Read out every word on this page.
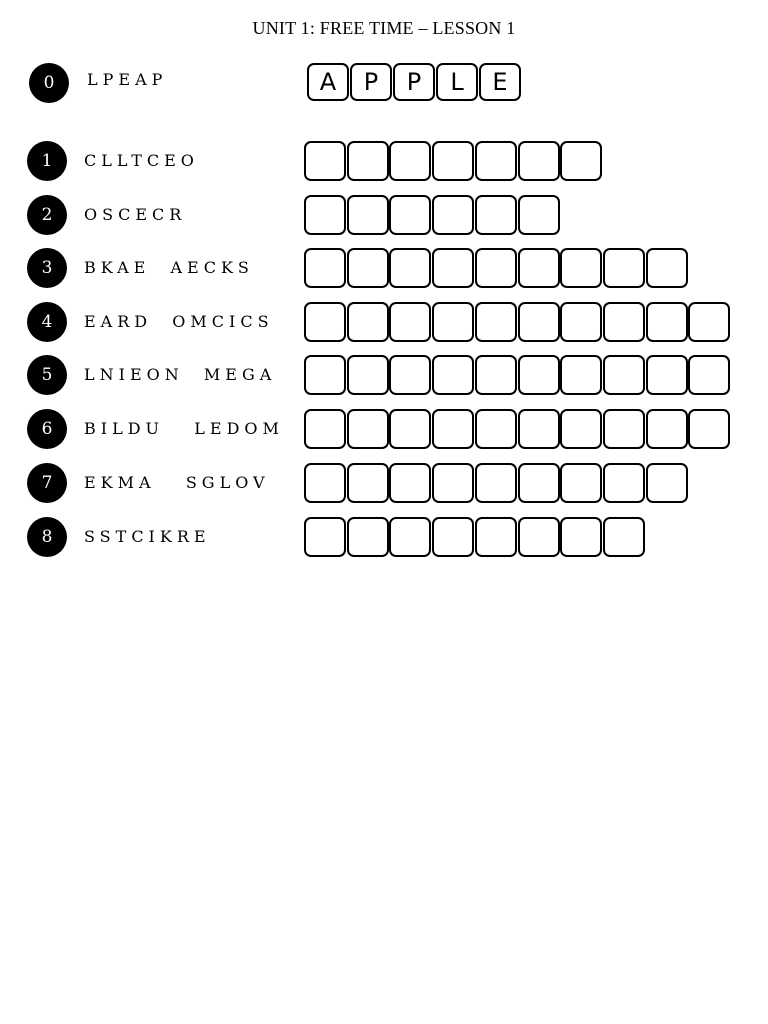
UNIT 1: FREE TIME – LESSON 1
0	LPEAP	A	P	P	L	E
1	CLLTCEO
2	OSCECR
3	BKAE  AECKS
4	EARD  OMCICS
5	LNIEON  MEGA
6	BILDU   LEDOM
7	EKMA   SGLOV
8	SSTCIKRE
